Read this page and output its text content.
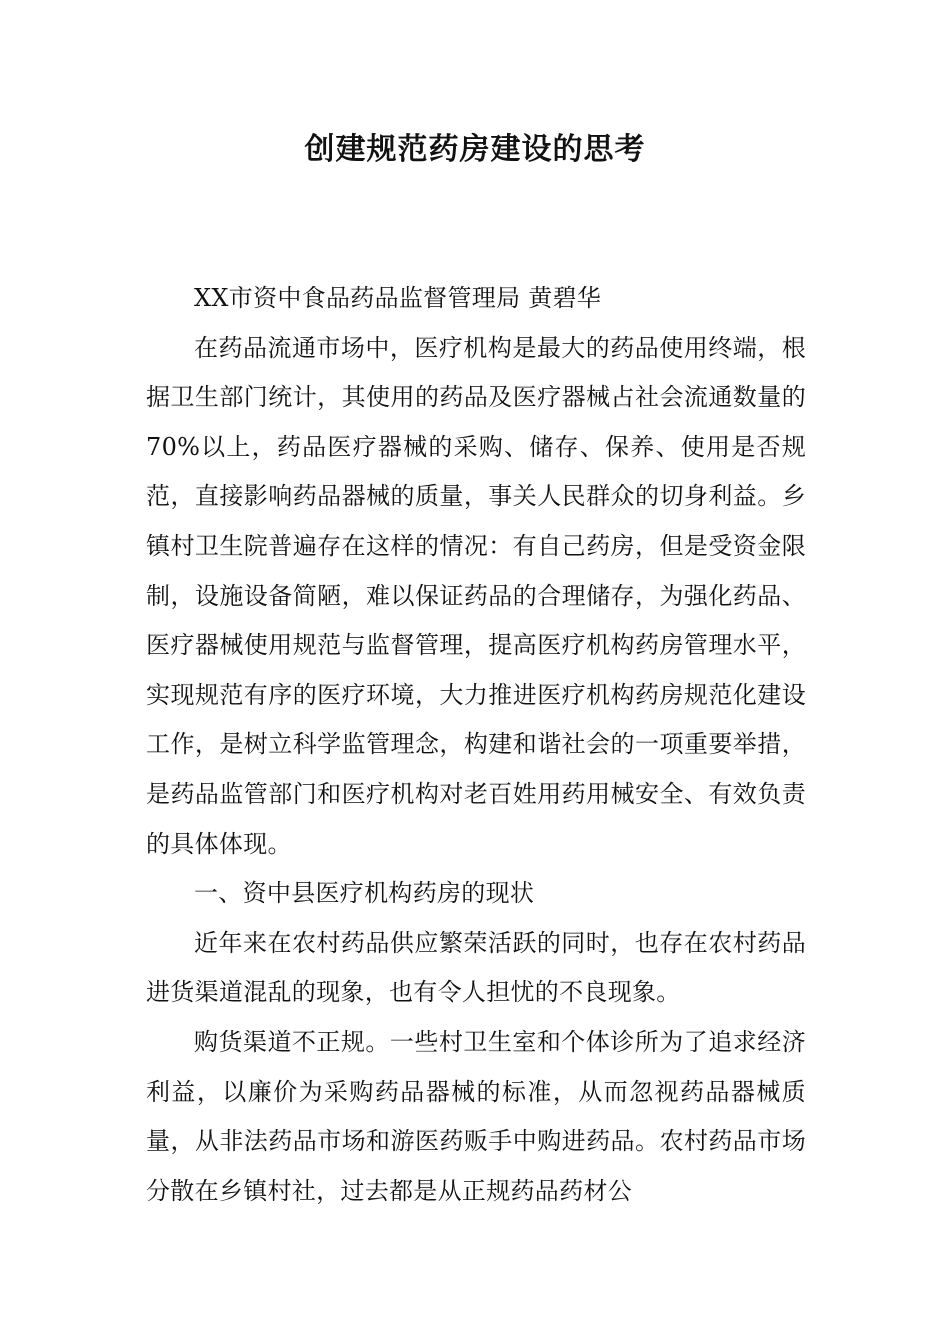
创建规范药房建设的思考

XX市资中食品药品监督管理局 黄碧华

在药品流通市场中，医疗机构是最大的药品使用终端，根据卫生部门统计，其使用的药品及医疗器械占社会流通数量的70%以上，药品医疗器械的采购、储存、保养、使用是否规范，直接影响药品器械的质量，事关人民群众的切身利益。乡镇村卫生院普遍存在这样的情况：有自己药房，但是受资金限制，设施设备简陋，难以保证药品的合理储存，为强化药品、医疗器械使用规范与监督管理，提高医疗机构药房管理水平，实现规范有序的医疗环境，大力推进医疗机构药房规范化建设工作，是树立科学监管理念，构建和谐社会的一项重要举措，是药品监管部门和医疗机构对老百姓用药用械安全、有效负责的具体体现。

一、资中县医疗机构药房的现状

近年来在农村药品供应繁荣活跃的同时，也存在农村药品进货渠道混乱的现象，也有令人担忧的不良现象。

购货渠道不正规。一些村卫生室和个体诊所为了追求经济利益，以廉价为采购药品器械的标准，从而忽视药品器械质量，从非法药品市场和游医药贩手中购进药品。农村药品市场分散在乡镇村社，过去都是从正规药品药材公
